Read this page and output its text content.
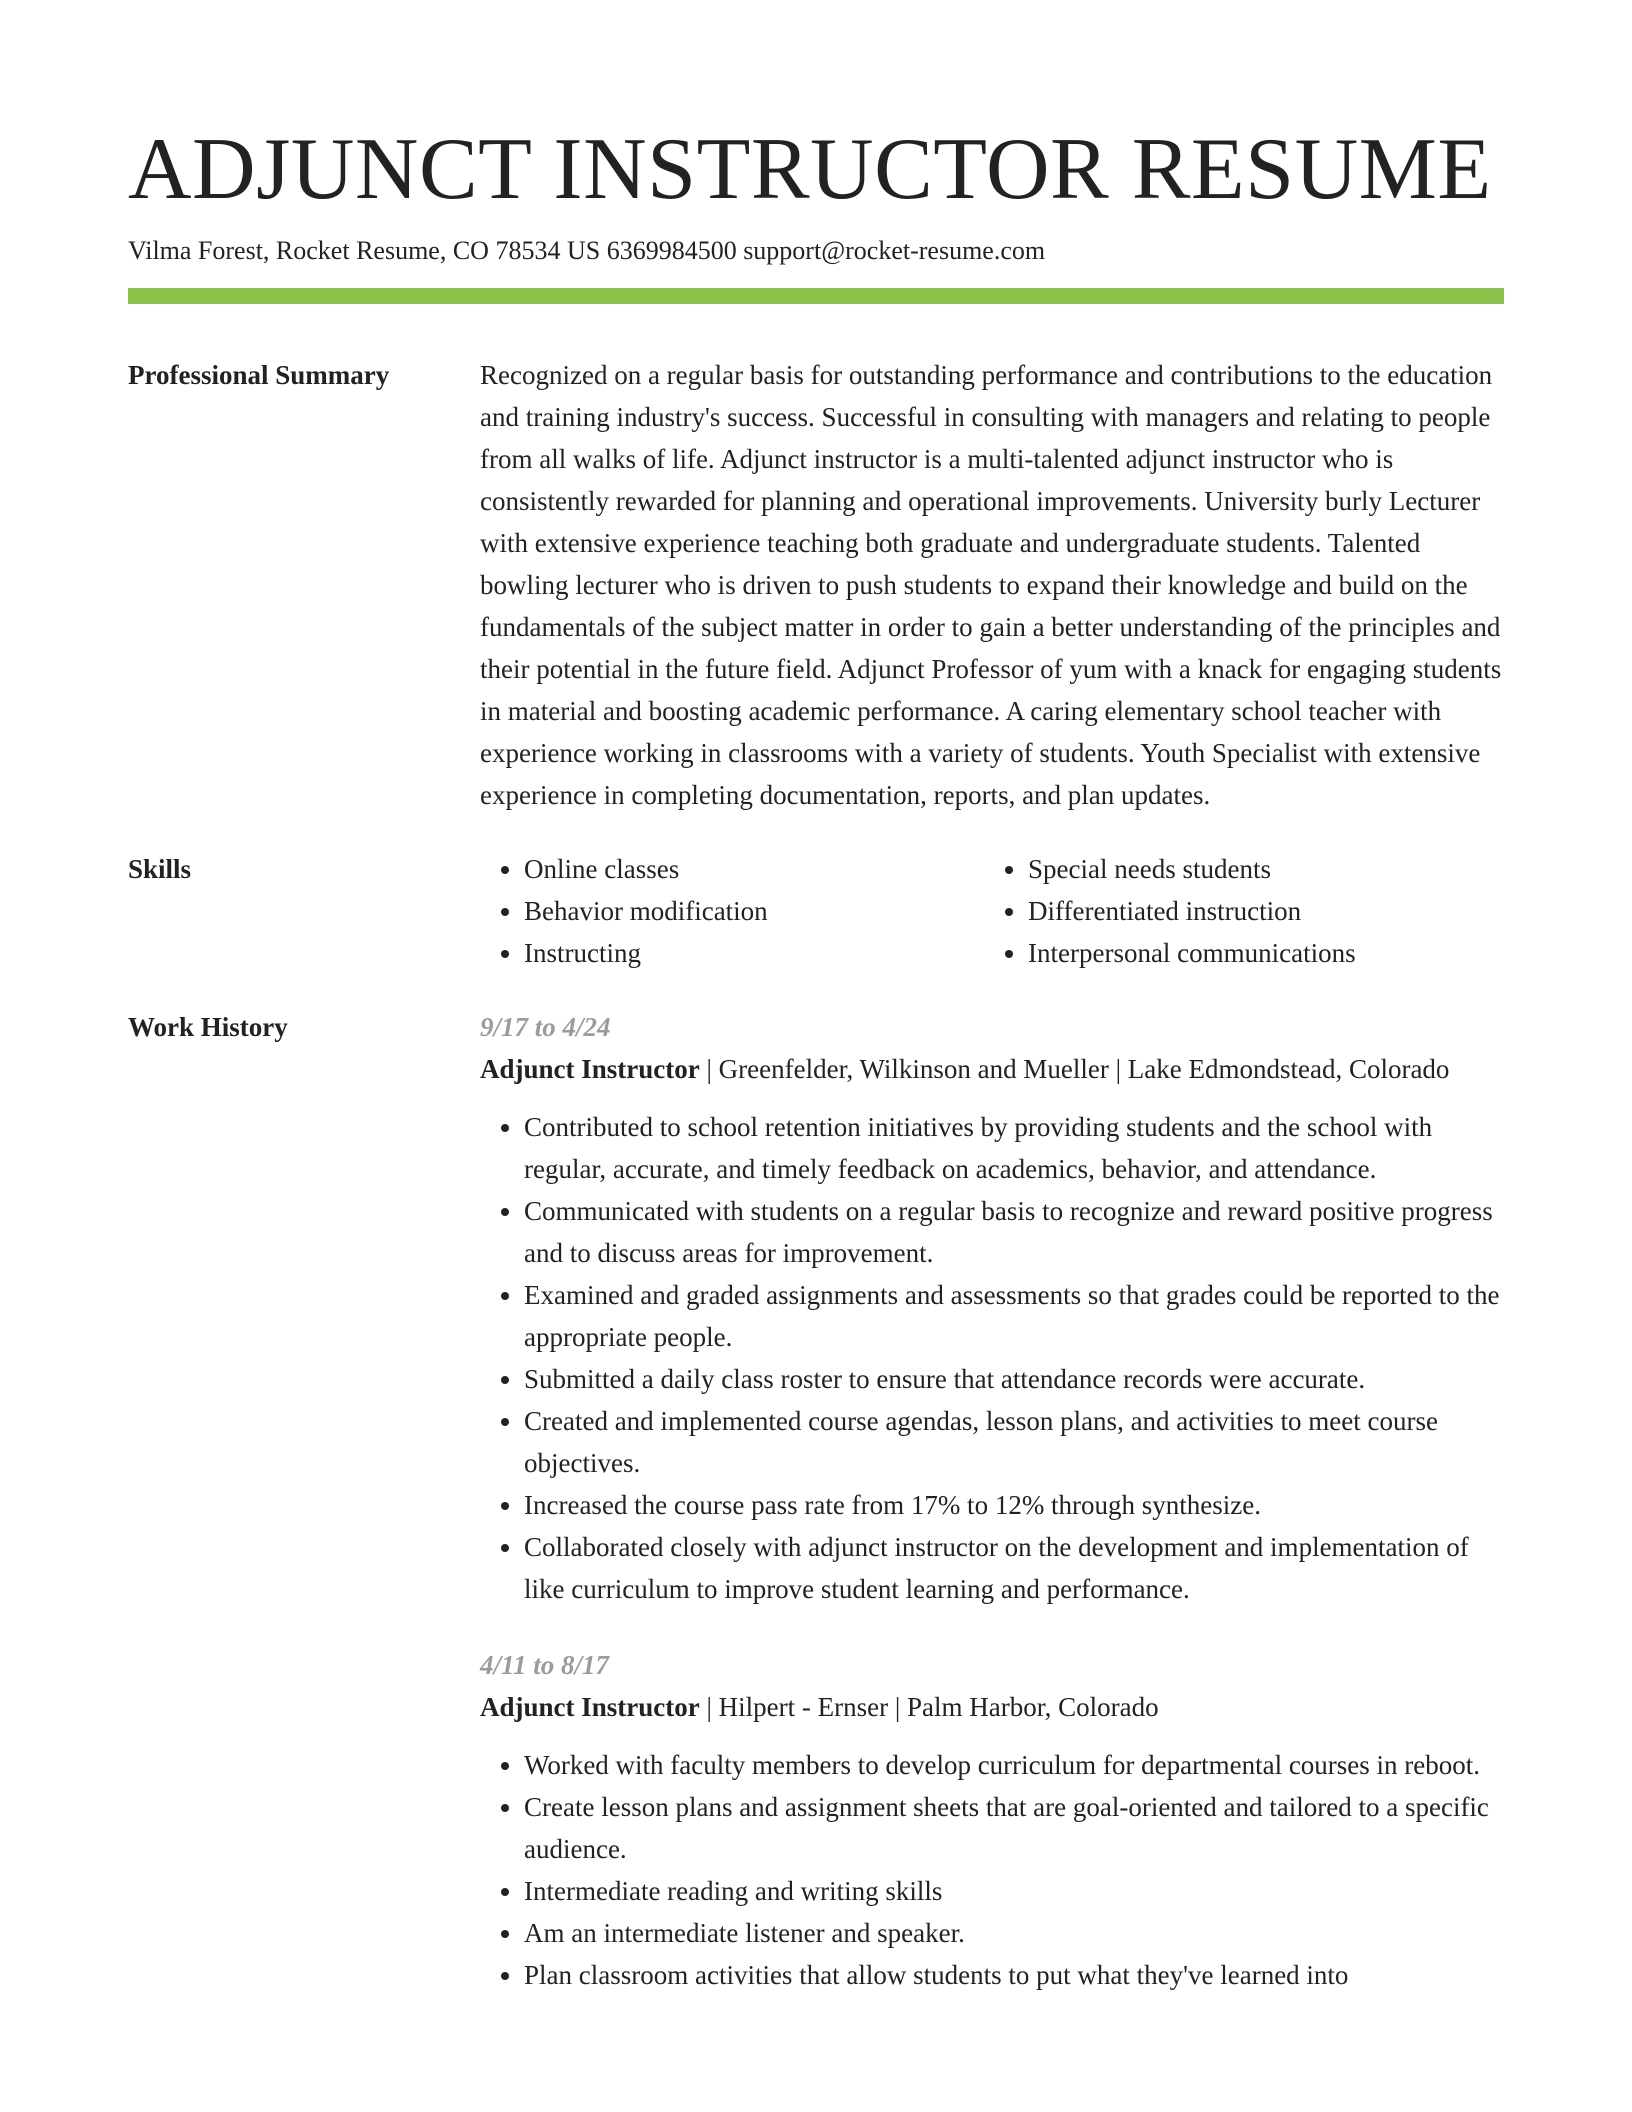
ADJUNCT INSTRUCTOR RESUME
Vilma Forest, Rocket Resume, CO 78534 US 6369984500 support@rocket-resume.com
Professional Summary	Recognized on a regular basis for outstanding performance and contributions to the education and training industry's success. Successful in consulting with managers and relating to people from all walks of life. Adjunct instructor is a multi-talented adjunct instructor who is consistently rewarded for planning and operational improvements. University burly Lecturer with extensive experience teaching both graduate and undergraduate students. Talented bowling lecturer who is driven to push students to expand their knowledge and build on the fundamentals of the subject matter in order to gain a better understanding of the principles and their potential in the future field. Adjunct Professor of yum with a knack for engaging students in material and boosting academic performance. A caring elementary school teacher with experience working in classrooms with a variety of students. Youth Specialist with extensive experience in completing documentation, reports, and plan updates.

Skills
•	Online classes
• Behavior modification
• Instructing
• Special needs students
• Differentiated instruction
• Interpersonal communications
Work History	9/17 to 4/24
Adjunct Instructor | Greenfelder, Wilkinson and Mueller | Lake Edmondstead, Colorado
• Contributed to school retention initiatives by providing students and the school with regular, accurate, and timely feedback on academics, behavior, and attendance.
• Communicated with students on a regular basis to recognize and reward positive progress and to discuss areas for improvement.
• Examined and graded assignments and assessments so that grades could be reported to the appropriate people.
• Submitted a daily class roster to ensure that attendance records were accurate.
• Created and implemented course agendas, lesson plans, and activities to meet course objectives.
• Increased the course pass rate from 17% to 12% through synthesize.
• Collaborated closely with adjunct instructor on the development and implementation of like curriculum to improve student learning and performance.
4/11 to 8/17
Adjunct Instructor | Hilpert - Ernser | Palm Harbor, Colorado
• Worked with faculty members to develop curriculum for departmental courses in reboot.
• Create lesson plans and assignment sheets that are goal-oriented and tailored to a specific audience.
• Intermediate reading and writing skills
• Am an intermediate listener and speaker.
• Plan classroom activities that allow students to put what they've learned into
